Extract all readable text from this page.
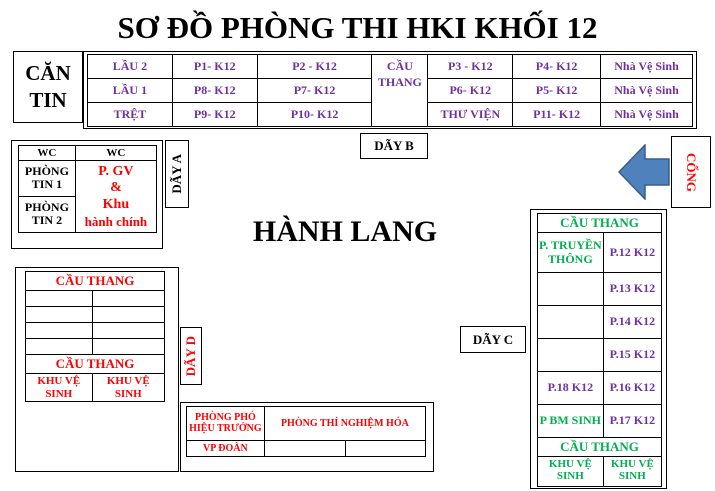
SƠ ĐỒ PHÒNG THI HKI KHỐI 12
CĂN TIN
LẦU 2	P1- K12	P2 - K12	CẦU THANG	P3 - K12	P4- K12	Nhà Vệ Sinh
LẦU 1	P8- K12	P7- K12		P6- K12	P5- K12	Nhà Vệ Sinh
TRỆT	P9- K12	P10- K12		THƯ VIỆN	P11- K12	Nhà Vệ Sinh
DÃY B
WC	WC
PHÒNG TIN 1	P. GV
&
Khu
hành chính

PHÒNG TIN 2	
DÃY A
HÀNH LANG
CỔNG
DÃY C
CẦU THANG	
P. TRUYỀN THÔNG	P.12 K12
	P.13 K12
	P.14 K12
	P.15 K12
P.18 K12	P.16 K12
P BM SINH	P.17 K12
CẦU THANG	
KHU VỆ SINH	KHU VỆ SINH
CẦU THANG	

CẦU THANG	
KHU VỆ SINH	KHU VỆ SINH
DÃY D
PHÒNG PHÓ HIỆU TRƯỞNG	PHÒNG THÍ NGHIỆM HÓA	
VP ĐOÀN		
